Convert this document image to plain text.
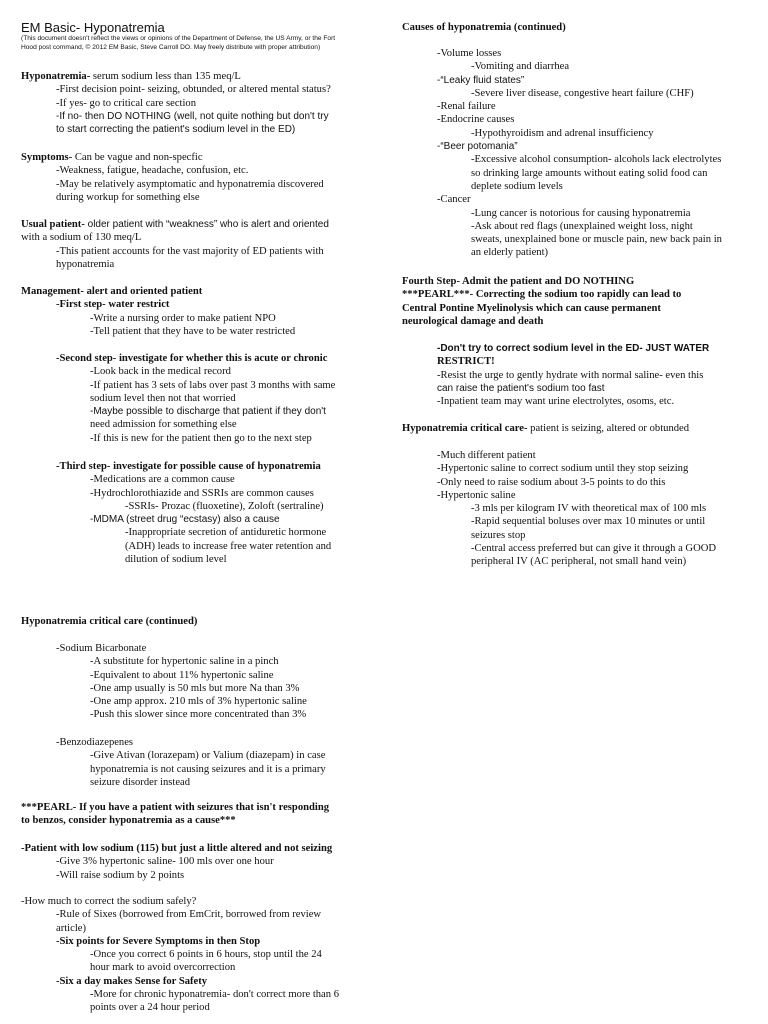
EM Basic- Hyponatremia
(This document doesn't reflect the views or opinions of the Department of Defense, the US Army, or the Fort
Hood post command, © 2012 EM Basic, Steve Carroll DO. May freely distribute with proper attribution)
Hyponatremia- serum sodium less than 135 meq/L
-First decision point- seizing, obtunded, or altered mental status?
-If yes- go to critical care section
-If no- then DO NOTHING (well, not quite nothing but don't try
to start correcting the patient's sodium level in the ED)
Symptoms- Can be vague and non-specfic
-Weakness, fatigue, headache, confusion, etc.
-May be relatively asymptomatic and hyponatremia discovered
during workup for something else
Usual patient- older patient with “weakness” who is alert and oriented
with a sodium of 130 meq/L
-This patient accounts for the vast majority of ED patients with
hyponatremia
Management- alert and oriented patient
-First step- water restrict
-Write a nursing order to make patient NPO
-Tell patient that they have to be water restricted
-Second step- investigate for whether this is acute or chronic
-Look back in the medical record
-If patient has 3 sets of labs over past 3 months with same
sodium level then not that worried
-Maybe possible to discharge that patient if they don't
need admission for something else
-If this is new for the patient then go to the next step
-Third step- investigate for possible cause of hyponatremia
-Medications are a common cause
-Hydrochlorothiazide and SSRIs are common causes
-SSRIs- Prozac (fluoxetine), Zoloft (sertraline)
-MDMA (street drug “ecstasy) also a cause
-Inappropriate secretion of antiduretic hormone
(ADH) leads to increase free water retention and
dilution of sodium level
Hyponatremia critical care (continued)
-Sodium Bicarbonate
-A substitute for hypertonic saline in a pinch
-Equivalent to about 11% hypertonic saline
-One amp usually is 50 mls but more Na than 3%
-One amp approx. 210 mls of 3% hypertonic saline
-Push this slower since more concentrated than 3%
-Benzodiazepenes
-Give Ativan (lorazepam) or Valium (diazepam) in case
hyponatremia is not causing seizures and it is a primary
seizure disorder instead
***PEARL- If you have a patient with seizures that isn't responding
to benzos, consider hyponatremia as a cause***
-Patient with low sodium (115) but just a little altered and not seizing
-Give 3% hypertonic saline- 100 mls over one hour
-Will raise sodium by 2 points
-How much to correct the sodium safely?
-Rule of Sixes (borrowed from EmCrit, borrowed from review
article)
-Six points for Severe Symptoms in then Stop
-Once you correct 6 points in 6 hours, stop until the 24
hour mark to avoid overcorrection
-Six a day makes Sense for Safety
-More for chronic hyponatremia- don't correct more than 6
points over a 24 hour period
Causes of hyponatremia (continued)
-Volume losses
-Vomiting and diarrhea
-“Leaky fluid states”
-Severe liver disease, congestive heart failure (CHF)
-Renal failure
-Endocrine causes
-Hypothyroidism and adrenal insufficiency
-“Beer potomania”
-Excessive alcohol consumption- alcohols lack electrolytes
so drinking large amounts without eating solid food can
deplete sodium levels
-Cancer
-Lung cancer is notorious for causing hyponatremia
-Ask about red flags (unexplained weight loss, night
sweats, unexplained bone or muscle pain, new back pain in
an elderly patient)
Fourth Step- Admit the patient and DO NOTHING
***PEARL***- Correcting the sodium too rapidly can lead to
Central Pontine Myelinolysis which can cause permanent
neurological damage and death
-Don't try to correct sodium level in the ED- JUST WATER
RESTRICT!
-Resist the urge to gently hydrate with normal saline- even this
can raise the patient's sodium too fast
-Inpatient team may want urine electrolytes, osoms, etc.
Hyponatremia critical care- patient is seizing, altered or obtunded
-Much different patient
-Hypertonic saline to correct sodium until they stop seizing
-Only need to raise sodium about 3-5 points to do this
-Hypertonic saline
-3 mls per kilogram IV with theoretical max of 100 mls
-Rapid sequential boluses over max 10 minutes or until
seizures stop
-Central access preferred but can give it through a GOOD
peripheral IV (AC peripheral, not small hand vein)
